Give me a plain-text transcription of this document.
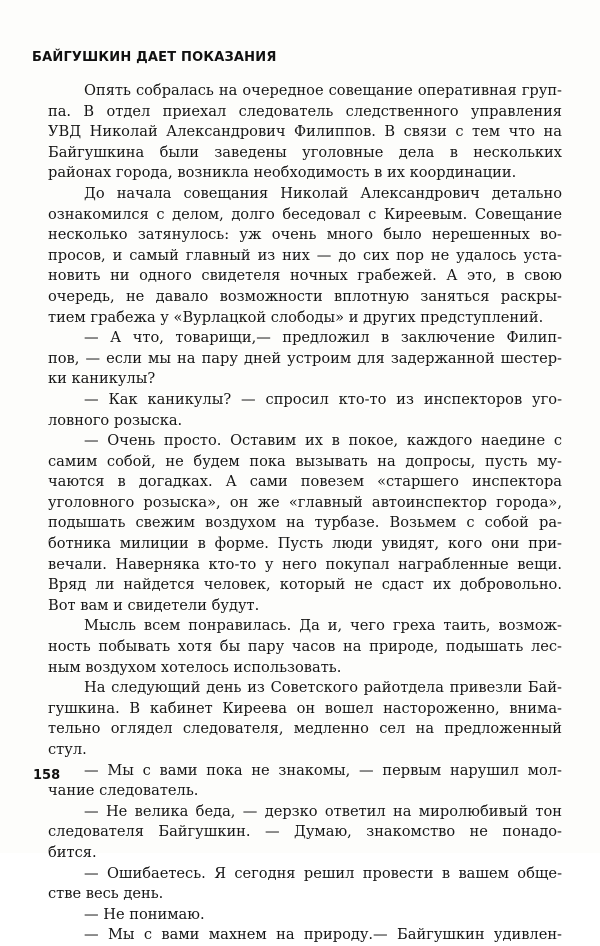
БАЙГУШКИН ДАЕТ ПОКАЗАНИЯ
Опять собралась на очередное совещание оперативная груп-
па. В отдел приехал следователь следственного управления
УВД Николай Александрович Филиппов. В связи с тем что на
Байгушкина были заведены уголовные дела в нескольких
районах города, возникла необходимость в их координации.
До начала совещания Николай Александрович детально
ознакомился с делом, долго беседовал с Киреевым. Совещание
несколько затянулось: уж очень много было нерешенных во-
просов, и самый главный из них — до сих пор не удалось уста-
новить ни одного свидетеля ночных грабежей. А это, в свою
очередь, не давало возможности вплотную заняться раскры-
тием грабежа у «Вурлацкой слободы» и других предступлений.
— А что, товарищи,— предложил в заключение Филип-
пов, — если мы на пару дней устроим для задержанной шестер-
ки каникулы?
— Как каникулы? — спросил кто-то из инспекторов уго-
ловного розыска.
— Очень просто. Оставим их в покое, каждого наедине с
самим собой, не будем пока вызывать на допросы, пусть му-
чаются в догадках. А сами повезем «старшего инспектора
уголовного розыска», он же «главный автоинспектор города»,
подышать свежим воздухом на турбазе. Возьмем с собой ра-
ботника милиции в форме. Пусть люди увидят, кого они при-
вечали. Наверняка кто-то у него покупал награбленные вещи.
Вряд ли найдется человек, который не сдаст их добровольно.
Вот вам и свидетели будут.
Мысль всем понравилась. Да и, чего греха таить, возмож-
ность побывать хотя бы пару часов на природе, подышать лес-
ным воздухом хотелось использовать.
На следующий день из Советского райотдела привезли Бай-
гушкина. В кабинет Киреева он вошел настороженно, внима-
тельно оглядел следователя, медленно сел на предложенный
стул.
— Мы с вами пока не знакомы, — первым нарушил мол-
чание следователь.
— Не велика беда, — дерзко ответил на миролюбивый тон
следователя Байгушкин. — Думаю, знакомство не понадо-
бится.
— Ошибаетесь. Я сегодня решил провести в вашем обще-
стве весь день.
— Не понимаю.
— Мы с вами махнем на природу.— Байгушкин удивлен-
158
